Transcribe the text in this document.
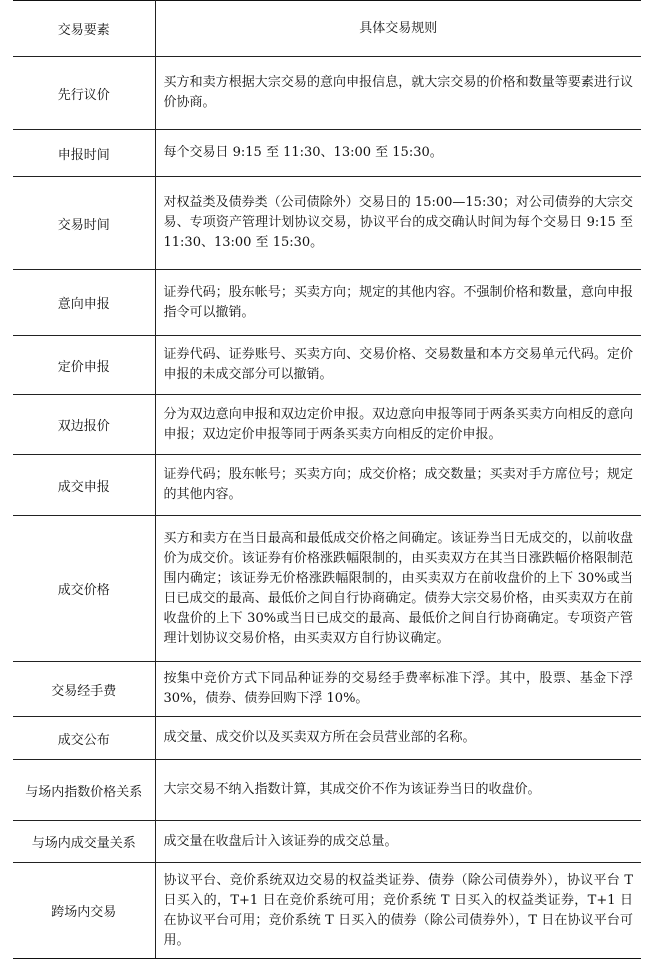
交易要素	具体交易规则
先行议价	买方和卖方根据大宗交易的意向申报信息，就大宗交易的价格和数量等要素进行议价协商。
申报时间	每个交易日 9:15 至 11:30、13:00 至 15:30。
交易时间	对权益类及债券类（公司债除外）交易日的 15:00—15:30；对公司债券的大宗交易、专项资产管理计划协议交易，协议平台的成交确认时间为每个交易日 9:15 至 11:30、13:00 至 15:30。
意向申报	证券代码；股东帐号；买卖方向；规定的其他内容。不强制价格和数量，意向申报指令可以撤销。
定价申报	证券代码、证券账号、买卖方向、交易价格、交易数量和本方交易单元代码。定价申报的未成交部分可以撤销。
双边报价	分为双边意向申报和双边定价申报。双边意向申报等同于两条买卖方向相反的意向申报；双边定价申报等同于两条买卖方向相反的定价申报。
成交申报	证券代码；股东帐号；买卖方向；成交价格；成交数量；买卖对手方席位号；规定的其他内容。
成交价格	买方和卖方在当日最高和最低成交价格之间确定。该证券当日无成交的，以前收盘价为成交价。该证券有价格涨跌幅限制的，由买卖双方在其当日涨跌幅价格限制范围内确定；该证券无价格涨跌幅限制的，由买卖双方在前收盘价的上下 30%或当日已成交的最高、最低价之间自行协商确定。债券大宗交易价格，由买卖双方在前收盘价的上下 30%或当日已成交的最高、最低价之间自行协商确定。专项资产管理计划协议交易价格，由买卖双方自行协议确定。
交易经手费	按集中竞价方式下同品种证券的交易经手费率标准下浮。其中，股票、基金下浮 30%，债券、债券回购下浮 10%。
成交公布	成交量、成交价以及买卖双方所在会员营业部的名称。
与场内指数价格关系	大宗交易不纳入指数计算，其成交价不作为该证券当日的收盘价。
与场内成交量关系	成交量在收盘后计入该证券的成交总量。
跨场内交易	协议平台、竞价系统双边交易的权益类证券、债券（除公司债券外），协议平台 T 日买入的，T+1 日在竞价系统可用；竞价系统 T 日买入的权益类证券，T+1 日在协议平台可用；竞价系统 T 日买入的债券（除公司债券外），T 日在协议平台可用。
